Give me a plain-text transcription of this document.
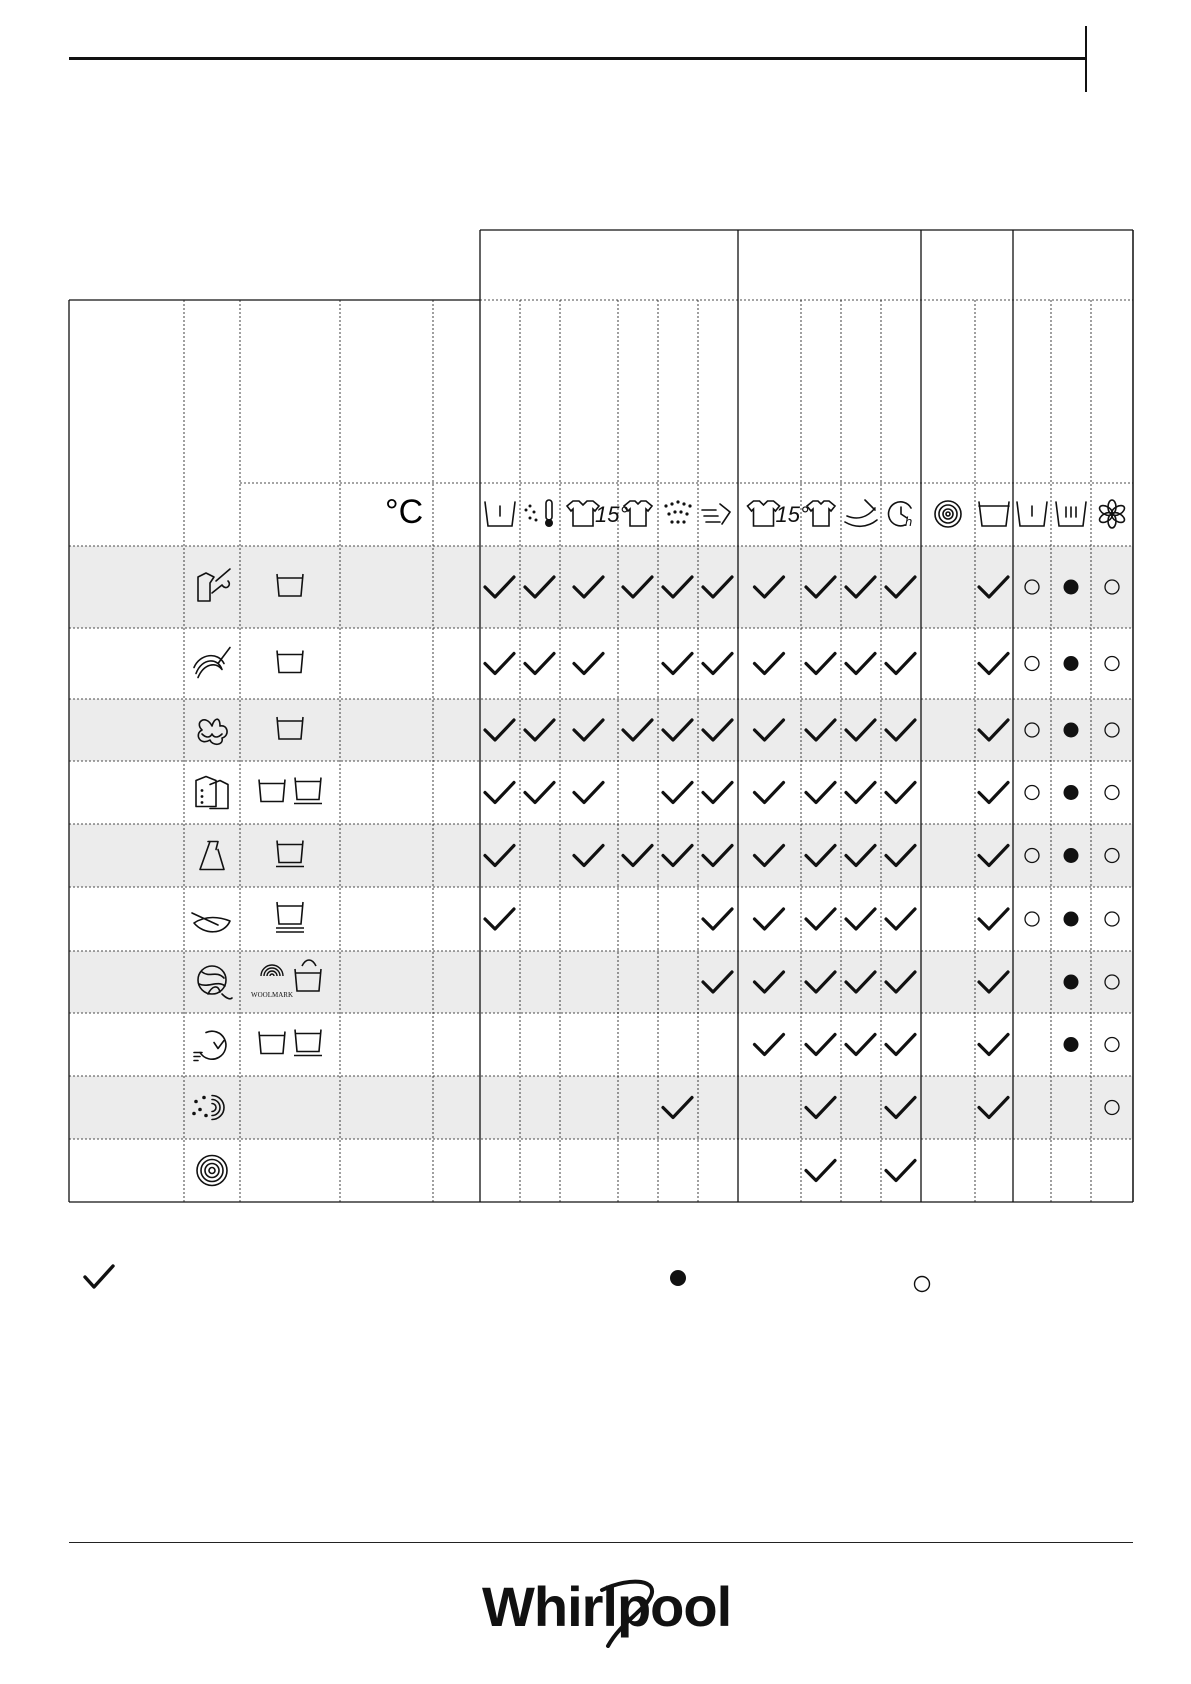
15°	15°	h
°C
WOOLMARK
Whirlpool
